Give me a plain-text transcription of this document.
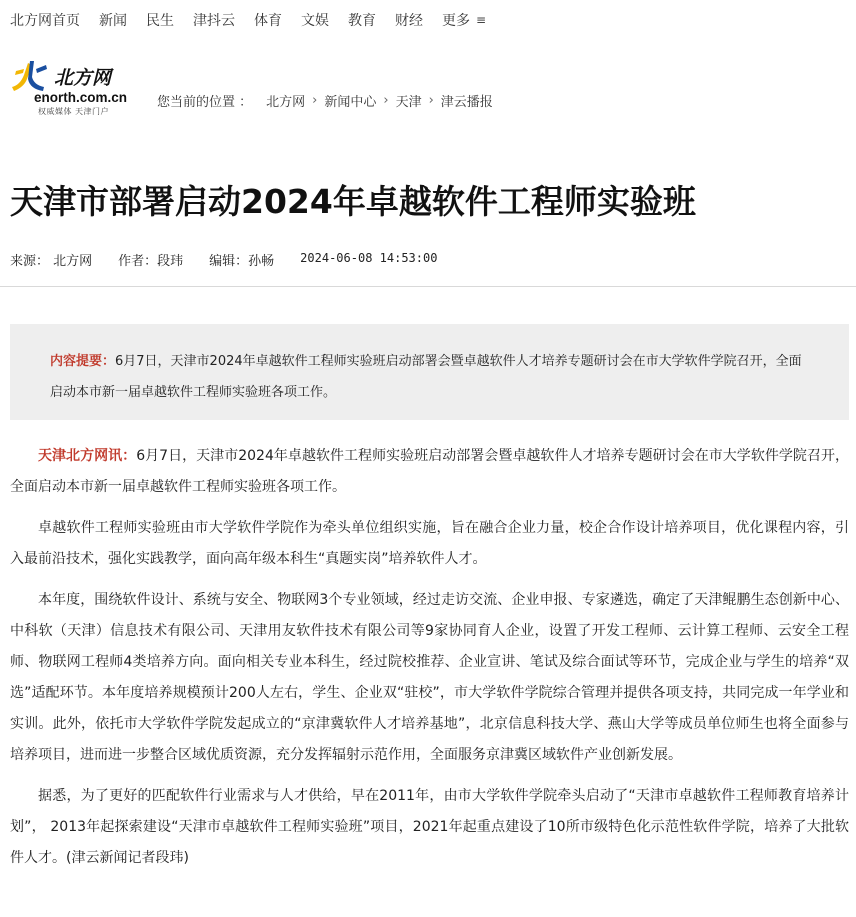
北方网首页 新闻 民生 津抖云 体育 文娱 教育 财经 更多 ≡
北方网
enorth.com.cn
权威媒体 天津门户
您当前的位置 ： 北方网 › 新闻中心 › 天津 › 津云播报
天津市部署启动2024年卓越软件工程师实验班
来源： 北方网 作者：段玮 编辑：孙畅 2024-06-08 14:53:00
内容提要：6月7日，天津市2024年卓越软件工程师实验班启动部署会暨卓越软件人才培养专题研讨会在市大学软件学院召开，全面启动本市新一届卓越软件工程师实验班各项工作。

天津北方网讯：6月7日，天津市2024年卓越软件工程师实验班启动部署会暨卓越软件人才培养专题研讨会在市大学软件学院召开，全面启动本市新一届卓越软件工程师实验班各项工作。

卓越软件工程师实验班由市大学软件学院作为牵头单位组织实施，旨在融合企业力量，校企合作设计培养项目，优化课程内容，引入最前沿技术，强化实践教学，面向高年级本科生“真题实岗”培养软件人才。

本年度，围绕软件设计、系统与安全、物联网3个专业领域，经过走访交流、企业申报、专家遴选，确定了天津鲲鹏生态创新中心、中科软（天津）信息技术有限公司、天津用友软件技术有限公司等9家协同育人企业，设置了开发工程师、云计算工程师、云安全工程师、物联网工程师4类培养方向。面向相关专业本科生，经过院校推荐、企业宣讲、笔试及综合面试等环节，完成企业与学生的培养“双选”适配环节。本年度培养规模预计200人左右，学生、企业双“驻校”，市大学软件学院综合管理并提供各项支持，共同完成一年学业和实训。此外，依托市大学软件学院发起成立的“京津冀软件人才培养基地”，北京信息科技大学、燕山大学等成员单位师生也将全面参与培养项目，进而进一步整合区域优质资源，充分发挥辐射示范作用，全面服务京津冀区域软件产业创新发展。

据悉，为了更好的匹配软件行业需求与人才供给，早在2011年，由市大学软件学院牵头启动了“天津市卓越软件工程师教育培养计划”， 2013年起探索建设“天津市卓越软件工程师实验班”项目，2021年起重点建设了10所市级特色化示范性软件学院，培养了大批软件人才。(津云新闻记者段玮)
